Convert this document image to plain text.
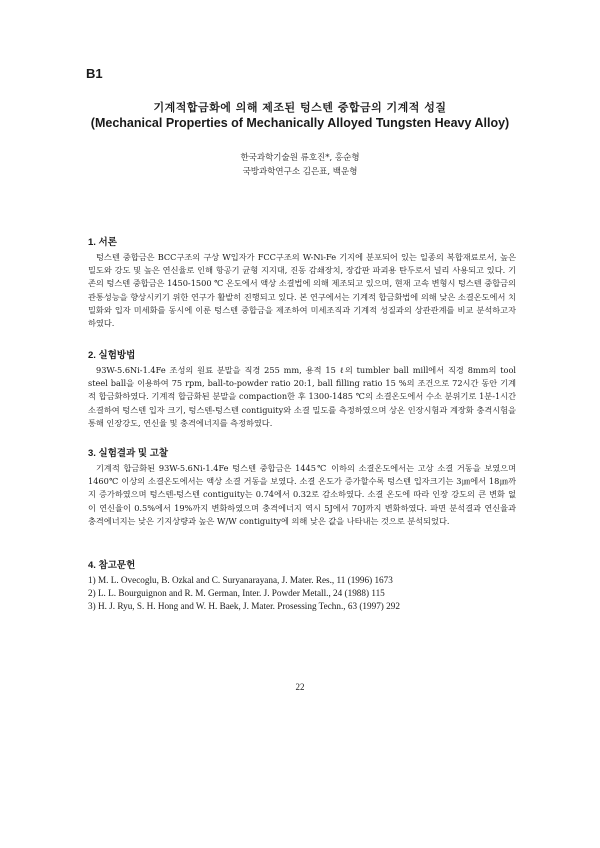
B1
기계적합금화에 의해 제조된 텅스텐 중합금의 기계적 성질
(Mechanical Properties of Mechanically Alloyed Tungsten Heavy Alloy)
한국과학기술원 류호진*, 홍순형
국방과학연구소 김은표, 백운형
1. 서론

텅스텐 중합금은 BCC구조의 구상 W입자가 FCC구조의 W-Ni-Fe 기지에 분포되어 있는 일종의 복합재료로서, 높은 밀도와 강도 및 높은 연신율로 인해 항공기 균형 지지대, 진동 감쇄장치, 장갑판 파괴용 탄두로서 널리 사용되고 있다. 기존의 텅스텐 중합금은 1450-1500 ℃ 온도에서 액상 소결법에 의해 제조되고 있으며, 현재 고속 변형시 텅스텐 중합금의 관통성능을 향상시키기 위한 연구가 활발히 진행되고 있다. 본 연구에서는 기계적 합금화법에 의해 낮은 소결온도에서 치밀화와 입자 미세화를 동시에 이룬 텅스텐 중합금을 제조하여 미세조직과 기계적 성질과의 상관관계를 비교 분석하고자 하였다.

2. 실험방법

93W-5.6Ni-1.4Fe 조성의 원료 분말을 직경 255 mm, 용적 15 ℓ의 tumbler ball mill에서 직경 8mm의 tool steel ball을 이용하여 75 rpm, ball-to-powder ratio 20:1, ball filling ratio 15 %의 조건으로 72시간 동안 기계적 합금화하였다. 기계적 합금화된 분말을 compaction한 후 1300-1485 ℃의 소결온도에서 수소 분위기로 1분-1시간 소결하여 텅스텐 입자 크기, 텅스텐-텅스텐 contiguity와 소결 밀도를 측정하였으며 상온 인장시험과 계장화 충격시험을 통해 인장강도, 연신율 및 충격에너지를 측정하였다.

3. 실험결과 및 고찰

기계적 합금화된 93W-5.6Ni-1.4Fe 텅스텐 중합금은 1445℃ 이하의 소결온도에서는 고상 소결 거동을 보였으며 1460℃ 이상의 소결온도에서는 액상 소결 거동을 보였다. 소결 온도가 증가할수록 텅스텐 입자크기는 3㎛에서 18㎛까지 증가하였으며 텅스텐-텅스텐 contiguity는 0.74에서 0.32로 감소하였다. 소결 온도에 따라 인장 강도의 큰 변화 없이 연신율이 0.5%에서 19%까지 변화하였으며 충격에너지 역시 5J에서 70J까지 변화하였다. 파면 분석결과 연신율과 충격에너지는 낮은 기지상량과 높은 W/W contiguity에 의해 낮은 값을 나타내는 것으로 분석되었다.

4. 참고문헌
1) M. L. Ovecoglu, B. Ozkal and C. Suryanarayana, J. Mater. Res., 11 (1996) 1673
2) L. L. Bourguignon and R. M. German, Inter. J. Powder Metall., 24 (1988) 115
3) H. J. Ryu, S. H. Hong and W. H. Baek, J. Mater. Prosessing Techn., 63 (1997) 292
22
